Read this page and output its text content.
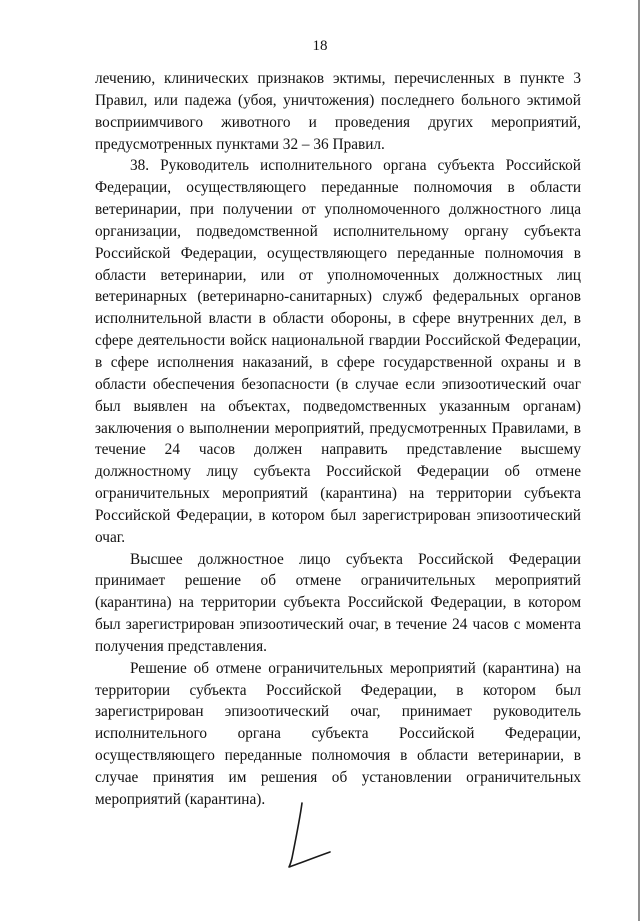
18

лечению, клинических признаков эктимы, перечисленных в пункте 3 Правил, или падежа (убоя, уничтожения) последнего больного эктимой восприимчивого животного и проведения других мероприятий, предусмотренных пунктами 32 – 36 Правил.

38. Руководитель исполнительного органа субъекта Российской Федерации, осуществляющего переданные полномочия в области ветеринарии, при получении от уполномоченного должностного лица организации, подведомственной исполнительному органу субъекта Российской Федерации, осуществляющего переданные полномочия в области ветеринарии, или от уполномоченных должностных лиц ветеринарных (ветеринарно-санитарных) служб федеральных органов исполнительной власти в области обороны, в сфере внутренних дел, в сфере деятельности войск национальной гвардии Российской Федерации, в сфере исполнения наказаний, в сфере государственной охраны и в области обеспечения безопасности (в случае если эпизоотический очаг был выявлен на объектах, подведомственных указанным органам) заключения о выполнении мероприятий, предусмотренных Правилами, в течение 24 часов должен направить представление высшему должностному лицу субъекта Российской Федерации об отмене ограничительных мероприятий (карантина) на территории субъекта Российской Федерации, в котором был зарегистрирован эпизоотический очаг.

Высшее должностное лицо субъекта Российской Федерации принимает решение об отмене ограничительных мероприятий (карантина) на территории субъекта Российской Федерации, в котором был зарегистрирован эпизоотический очаг, в течение 24 часов с момента получения представления.

Решение об отмене ограничительных мероприятий (карантина) на территории субъекта Российской Федерации, в котором был зарегистрирован эпизоотический очаг, принимает руководитель исполнительного органа субъекта Российской Федерации, осуществляющего переданные полномочия в области ветеринарии, в случае принятия им решения об установлении ограничительных мероприятий (карантина).
